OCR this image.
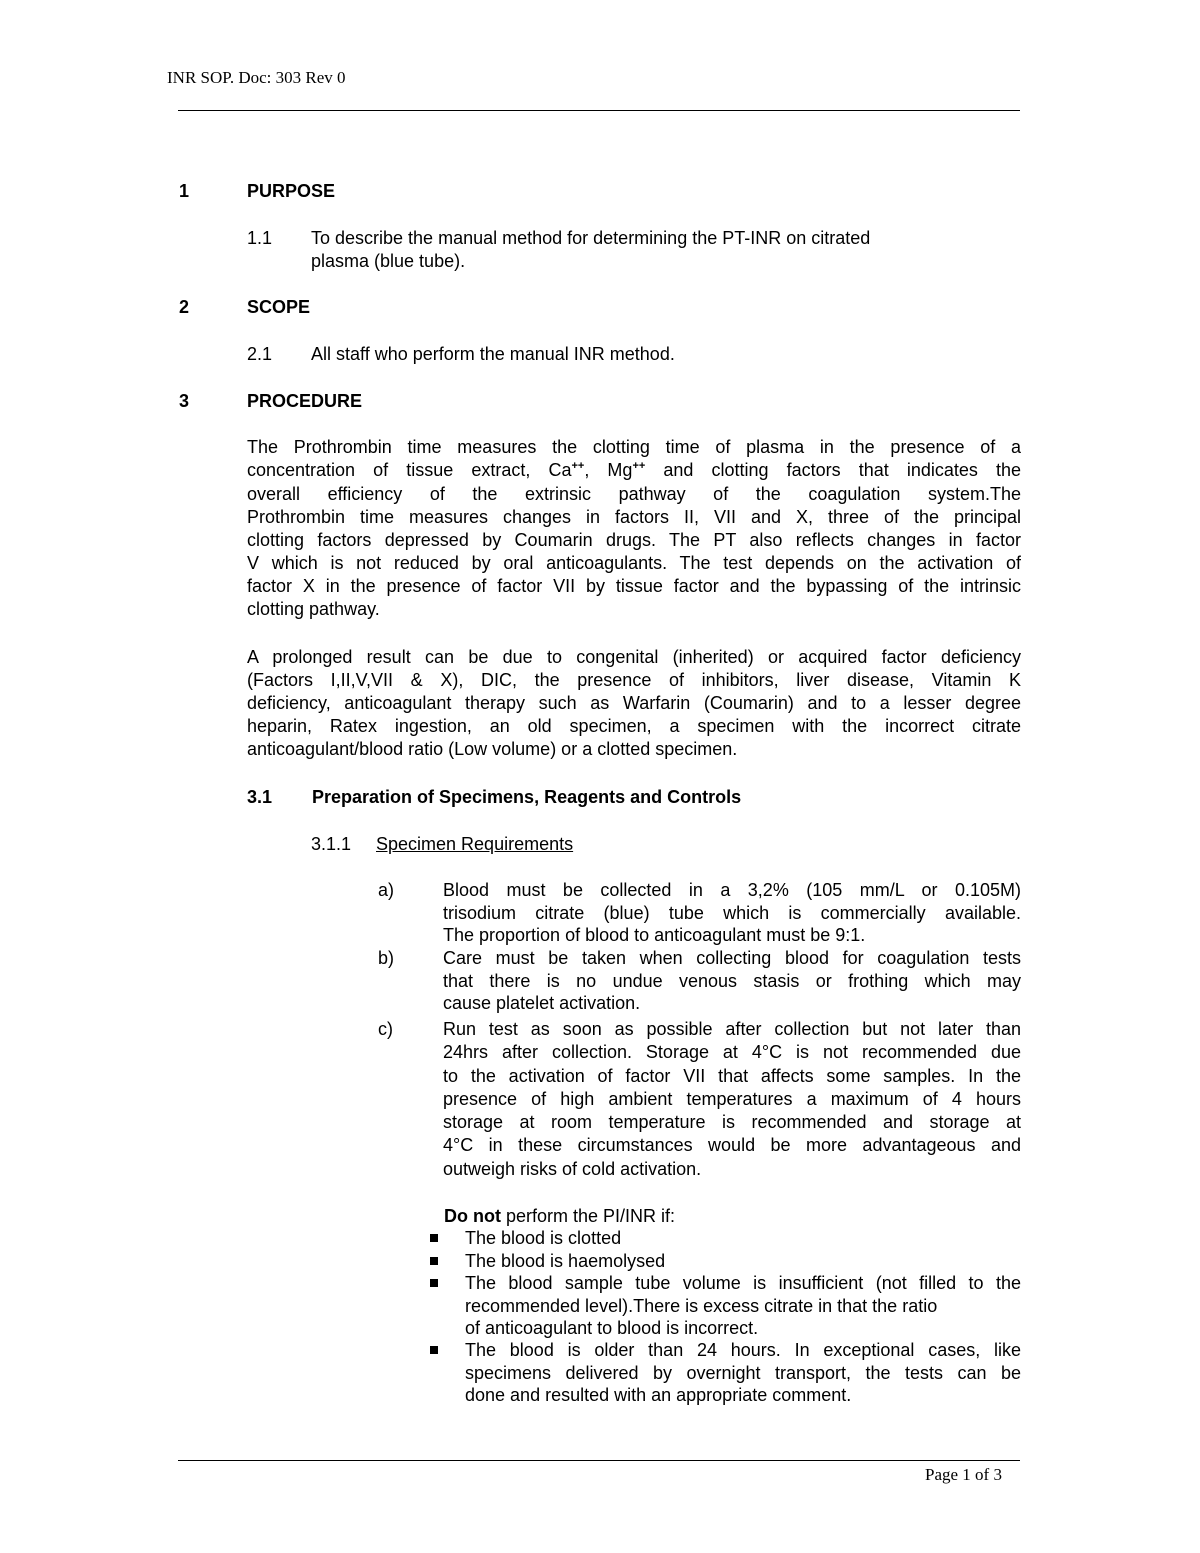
INR SOP. Doc: 303 Rev 0
1	PURPOSE
1.1 To describe the manual method for determining the PT-INR on citrated
plasma (blue tube).
2	SCOPE
2.1 All staff who perform the manual INR method.
3	PROCEDURE
The Prothrombin time measures the clotting time of plasma in the presence of a
concentration of tissue extract, Ca++, Mg++ and clotting factors that indicates the
overall efficiency of the extrinsic pathway of the coagulation system.The
Prothrombin time measures changes in factors II, VII and X, three of the principal
clotting factors depressed by Coumarin drugs. The PT also reflects changes in factor
V which is not reduced by oral anticoagulants. The test depends on the activation of
factor X in the presence of factor VII by tissue factor and the bypassing of the intrinsic
clotting pathway.
A prolonged result can be due to congenital (inherited) or acquired factor deficiency
(Factors I,II,V,VII & X), DIC, the presence of inhibitors, liver disease, Vitamin K
deficiency, anticoagulant therapy such as Warfarin (Coumarin) and to a lesser degree
heparin, Ratex ingestion, an old specimen, a specimen with the incorrect citrate
anticoagulant/blood ratio (Low volume) or a clotted specimen.
3.1 Preparation of Specimens, Reagents and Controls
3.1.1 Specimen Requirements
a)	Blood must be collected in a 3,2% (105 mm/L or 0.105M)
trisodium citrate (blue) tube which is commercially available.
The proportion of blood to anticoagulant must be 9:1.
b)	Care must be taken when collecting blood for coagulation tests
that there is no undue venous stasis or frothing which may
cause platelet activation.
c)	Run test as soon as possible after collection but not later than
24hrs after collection. Storage at 4°C is not recommended due
to the activation of factor VII that affects some samples. In the
presence of high ambient temperatures a maximum of 4 hours
storage at room temperature is recommended and storage at
4°C in these circumstances would be more advantageous and
outweigh risks of cold activation.
Do not perform the PI/INR if:
The blood is clotted
The blood is haemolysed
The blood sample tube volume is insufficient (not filled to the
recommended level).There is excess citrate in that the ratio
of anticoagulant to blood is incorrect.
The blood is older than 24 hours. In exceptional cases, like
specimens delivered by overnight transport, the tests can be
done and resulted with an appropriate comment.
Page 1 of 3
